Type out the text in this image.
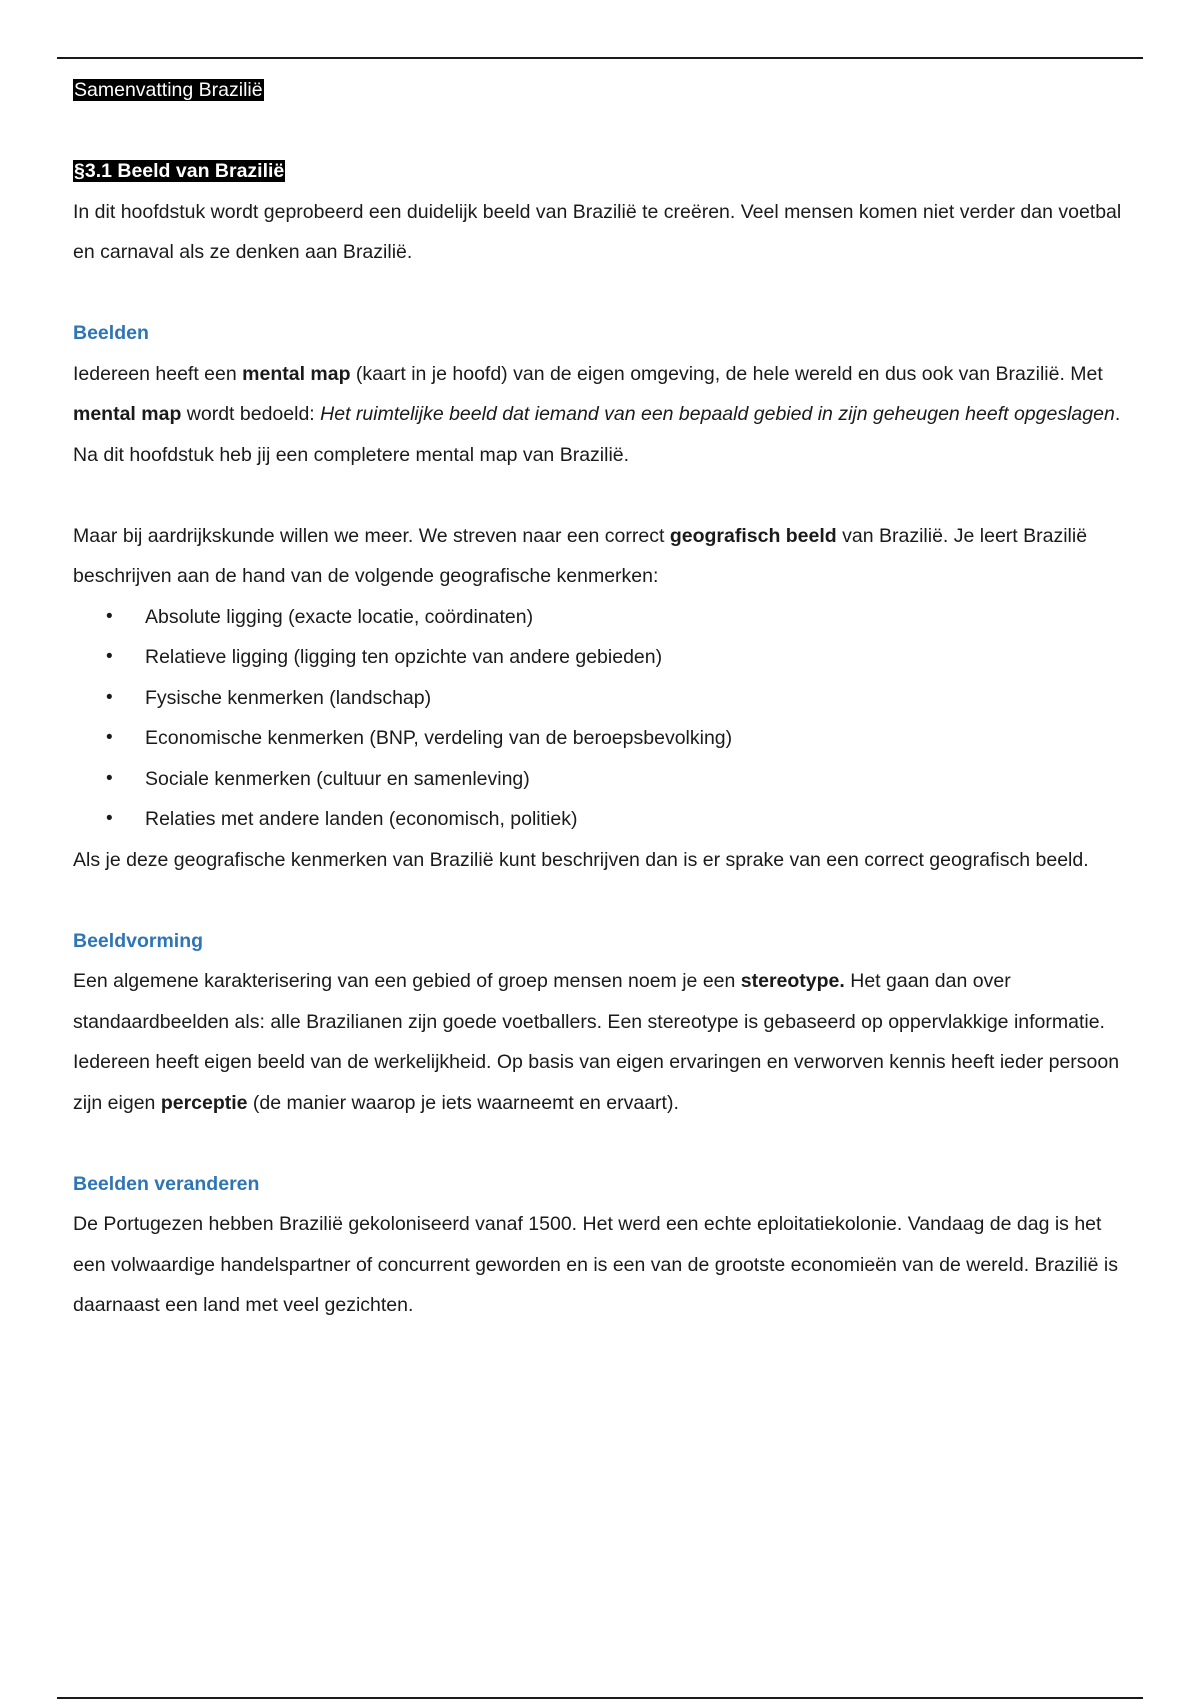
Samenvatting Brazilië

§3.1 Beeld van Brazilië

In dit hoofdstuk wordt geprobeerd een duidelijk beeld van Brazilië te creëren. Veel mensen komen niet verder dan voetbal en carnaval als ze denken aan Brazilië.

Beelden

Iedereen heeft een mental map (kaart in je hoofd) van de eigen omgeving, de hele wereld en dus ook van Brazilië. Met mental map wordt bedoeld: Het ruimtelijke beeld dat iemand van een bepaald gebied in zijn geheugen heeft opgeslagen. Na dit hoofdstuk heb jij een completere mental map van Brazilië.

Maar bij aardrijkskunde willen we meer. We streven naar een correct geografisch beeld van Brazilië. Je leert Brazilië beschrijven aan de hand van de volgende geografische kenmerken:

• Absolute ligging (exacte locatie, coördinaten)
• Relatieve ligging (ligging ten opzichte van andere gebieden)
• Fysische kenmerken (landschap)
• Economische kenmerken (BNP, verdeling van de beroepsbevolking)
• Sociale kenmerken (cultuur en samenleving)
• Relaties met andere landen (economisch, politiek)

Als je deze geografische kenmerken van Brazilië kunt beschrijven dan is er sprake van een correct geografisch beeld.

Beeldvorming

Een algemene karakterisering van een gebied of groep mensen noem je een stereotype. Het gaan dan over standaardbeelden als: alle Brazilianen zijn goede voetballers. Een stereotype is gebaseerd op oppervlakkige informatie.

Iedereen heeft eigen beeld van de werkelijkheid. Op basis van eigen ervaringen en verworven kennis heeft ieder persoon zijn eigen perceptie (de manier waarop je iets waarneemt en ervaart).

Beelden veranderen

De Portugezen hebben Brazilië gekoloniseerd vanaf 1500. Het werd een echte eploitatiekolonie. Vandaag de dag is het een volwaardige handelspartner of concurrent geworden en is een van de grootste economieën van de wereld. Brazilië is daarnaast een land met veel gezichten.
